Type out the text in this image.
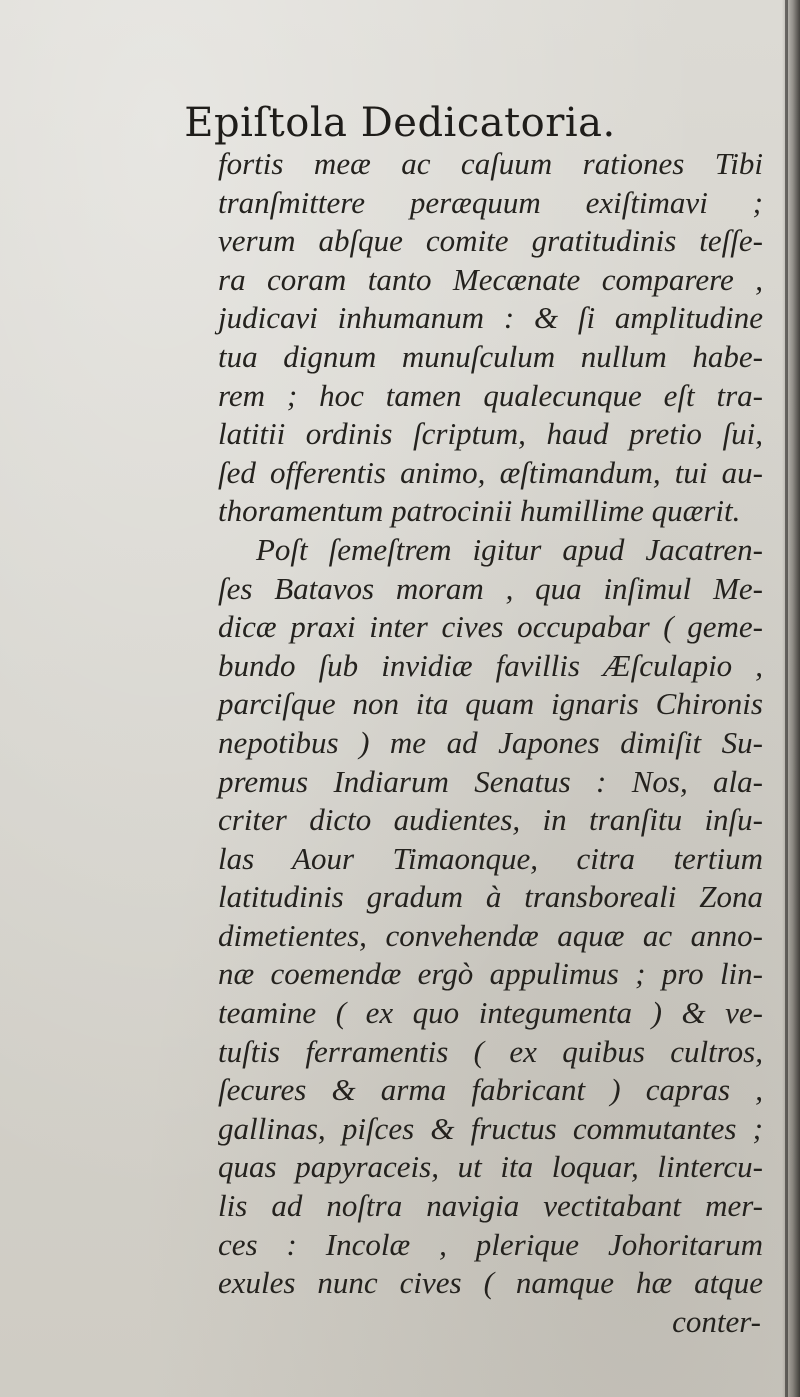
Epiſtola Dedicatoria.
fortis meæ ac caſuum rationes Tibi
tranſmittere peræquum exiſtimavi ;
verum abſque comite gratitudinis teſſe-
ra coram tanto Mecænate comparere ,
judicavi inhumanum : & ſi amplitudine
tua dignum munuſculum nullum habe-
rem ; hoc tamen qualecunque eſt tra-
latitii ordinis ſcriptum, haud pretio ſui,
ſed offerentis animo, æſtimandum, tui au-
thoramentum patrocinii humillime quærit.
Poſt ſemeſtrem igitur apud Jacatren-
ſes Batavos moram , qua inſimul Me-
dicæ praxi inter cives occupabar ( geme-
bundo ſub invidiæ favillis Æſculapio ,
parciſque non ita quam ignaris Chironis
nepotibus ) me ad Japones dimiſit Su-
premus Indiarum Senatus : Nos, ala-
criter dicto audientes, in tranſitu inſu-
las Aour Timaonque, citra tertium
latitudinis gradum à transboreali Zona
dimetientes, convehendæ aquæ ac anno-
næ coemendæ ergò appulimus ; pro lin-
teamine ( ex quo integumenta ) & ve-
tuſtis ferramentis ( ex quibus cultros,
ſecures & arma fabricant ) capras ,
gallinas, piſces & fructus commutantes ;
quas papyraceis, ut ita loquar, lintercu-
lis ad noſtra navigia vectitabant mer-
ces : Incolæ , plerique Johoritarum
exules nunc cives ( namque hæ atque
conter-
